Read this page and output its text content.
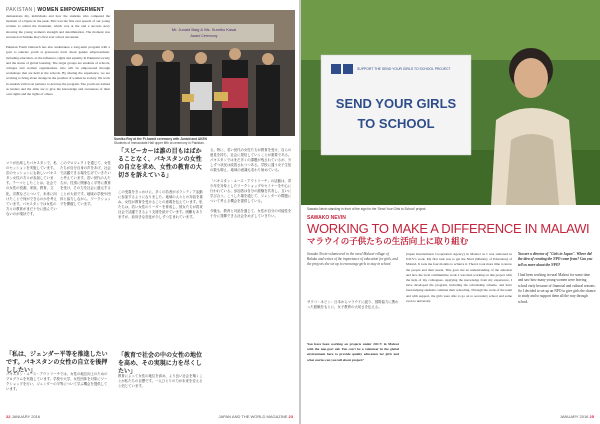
PAKISTAN | WOMEN EMPOWERMENT
demonstrate my, individuals and how the students who competed the moment of a figure in the peak. This was the first ever speech of our young women to attend the mountain, which was at the end a success story showing the young women's strength and determination. The moment was recreated at Sumiko Roy's first ever school encounter.

Pakistan Youth Outreach has also undertaken a long-term program with a goal to educate youth at grassroots level about gender empowerment, including education, as the influence, rights and equality in Pakistani society and the status of global learning. The target groups are students of schools, colleges and women organizations who will be empowered through workshops that are held at the schools. By sharing the experience, we are working to bring about change in the position of women in society. We work in tandem with local partners to develop the program. The youth are trained as leaders and the aims are to give the knowledge and awareness of their own rights and the rights of others.
Mr. Junaid Baig & Ms. Sumiko Kasai
Award Ceremony
Sumiko Roy at the Pi Award ceremony with Junaid and AKEN
Students of Immaculate Hall upper fifth at ceremony in Pakistan.
マリが出席したパキスタンで、私のセッションを実施しています。次のセッションにも新しいパキスタン女性の方々が参加しています。テーマとしたことは、社会での女性の役割、家族、教育、文化、宗教などについて、未来に向けたことで何ができるのかを考えています。パキスタンでは女性の方々の教育がまだ十分に進んでいないのが現状です。
このプロジェクトを通じて、女性たちが自分自身の声をあげ、社会で活躍できる場を広げていきたいと考えています。若い世代の人たちが、性別に関係なく平等に教育を受け、その力を社会に還元することが大切です。地域の学校や団体と協力しながら、ワークショップを開催しています。
「私は、ジェンダー平等を推進したいです。パキスタンの女性の自立を後押ししたい」
パキスタン・ユース・アウトリーチでは、女性の地位向上のためのプログラムを実施しています。学校や大学、女性団体を対象にワークショップを行い、ジェンダーの平等について学ぶ機会を提供しています。
「スピーカーは誰の目もはばかることなく、パキスタンの女性の自立を求め、女性の教育の大切さを訴えている」
この受賞をきっかけに、多くの若者がボランティア活動に参加するようになりました。地域の人々との対話を重ね、女性が教育を受けることの意義を伝えています。私たちは、若い女性のリーダーを育成し、彼女たちが将来社会で活躍できるよう支援を続けています。困難もありますが、前向きな変化が少しずつ生まれています。
「教育で社会の中の女性の地位を高め、その実現に力を尽くしたい」
教育によって女性の地位を高め、より良い社会を築くことが私たちの目標です。一人ひとりの力が未来を変えると信じています。
る。特に、若い世代の女性たちが教育を受け、自らの意見を持ち、社会に発信していくことが重要である。パキスタンではまだ多くの課題が残されているが、少しずつ状況は改善されつつある。学校に通う女子生徒の数も増え、地域の意識も変わり始めている。

「パキスタン・ユース・アウトリーチ」の活動は、青少年を対象としたワークショップやセミナーを中心に行われている。参加者は自分の経験を共有し、互いに学び合う。こうした場を通じて、ジェンダーの問題について考える機会を提供している。

今後も、教育と対話を通じて、女性が自分の可能性を十分に発揮できる社会をめざしていきたい。
22 JANUARY 2016	JAPAN AND THE WORLD MAGAZINE 23
SUPPORT THE SEND YOUR GIRLS TO SCHOOL PROJECT
SEND YOUR GIRLS
TO SCHOOL
Sawako Nevin standing in front of the sign for the 'Send Your Girls to School' project.
SAWAKO NEVIN
WORKING TO MAKE A DIFFERENCE IN MALAWI
マラウイの子供たちの生活向上に取り組む
Sawako Nevin volunteered in the rural Malawi village of Balaka and writes of the importance of education for girls, and the projects she set up to encourage girls to stay in school.
サワコ・ネビン：日本からマラウイに渡り、国際協力に携わった経験をもとに、女子教育の大切さを伝える。
You have been working on projects under JOCV in Malawi with the non-govt aid. You can't be a volunteer in the global environment here to provide quality education for girls and what stories can you tell about project?
(Japan International Cooperation Agency) in Malawi as I was stationed in JOCV's work. My first task was to get the NGO (Ministry of Education) of Malawi. It took me four months to achieve it. Then it took more time to know the people and their needs. This gave me an understanding of the situation and how the local communities work. I was then working on this project with the help of my colleagues. Applying the knowledge from my experience, I have developed the program, including the scholarship scheme, and have been helping students continue their schooling. Through the work of the team and with support, the girls were able to go on to secondary school and some even to university.
You are a director of "Girls in Japan". Where did the idea of creating the NPO come from? Can you tell us more about the NPO?

I had been working in rural Malawi for some time and saw how many young women were leaving school early because of financial and cultural reasons. So I decided to set up an NPO to give girls the chance to study and to support them all the way through school.
JANUARY 2016 25
